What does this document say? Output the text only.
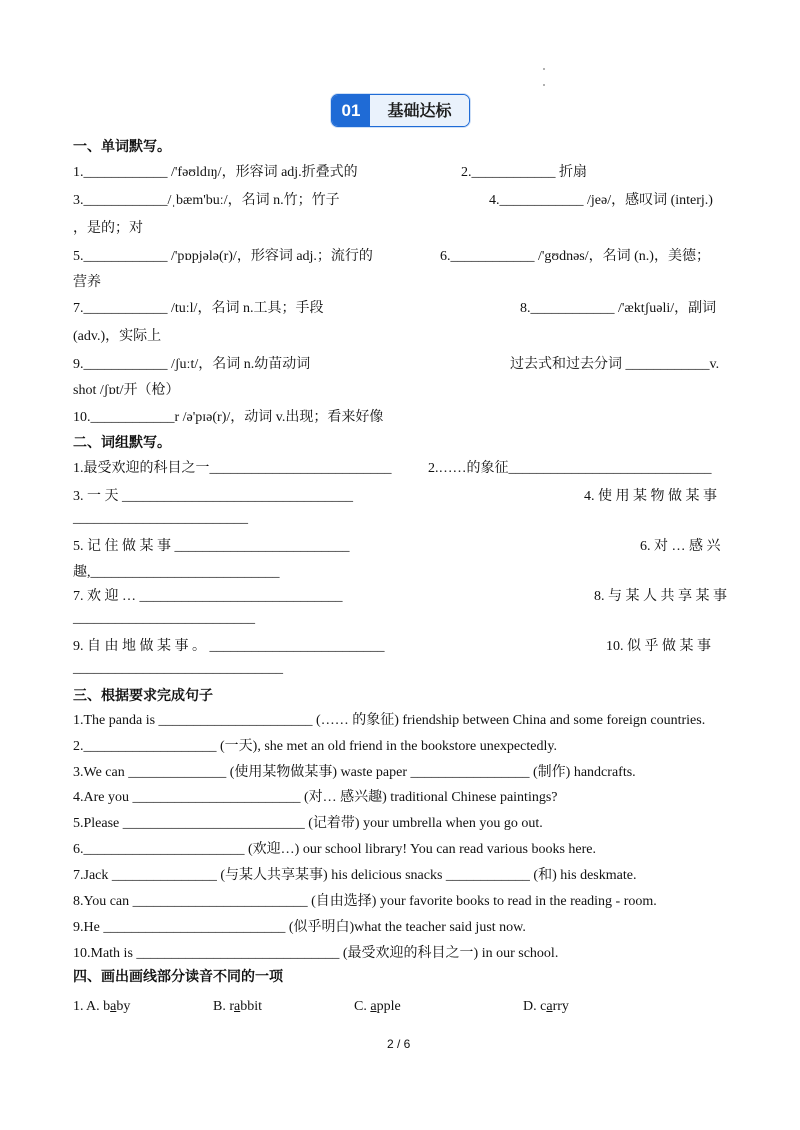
01	基础达标
一、单词默写。
1.____________ /'fəʊldɪŋ/，形容词 adj.折叠式的	2.____________ 折扇
3.____________/ˌbæm'buː/，名词 n.竹；竹子	4.____________ /jeə/，感叹词 (interj.)
，是的；对
5.____________ /'pɒpjələ(r)/，形容词 adj.；流行的	6.____________ /'gʊdnəs/，名词 (n.)，美德；
营养
7.____________ /tuːl/，名词 n.工具；手段	8.____________ /'æktʃuəli/，副词
(adv.)，实际上
9.____________ /ʃuːt/，名词 n.幼苗动词	过去式和过去分词 ____________v.
shot /ʃɒt/开（枪）
10.____________r /ə'pɪə(r)/，动词 v.出现；看来好像
二、词组默写。
1.最受欢迎的科目之一__________________________	2.……的象征_____________________________
3. 一 天 _________________________________	4. 使 用 某 物 做 某 事
_________________________
5. 记 住 做 某 事 _________________________	6. 对 … 感 兴
趣,___________________________
7. 欢 迎 … _____________________________	8. 与 某 人 共 享 某 事
__________________________
9. 自 由 地 做 某 事 。 _________________________	10. 似 乎 做 某 事
______________________________
三、根据要求完成句子
1.The panda is ______________________ (…… 的象征) friendship between China and some foreign countries.
2.___________________ (一天), she met an old friend in the bookstore unexpectedly.
3.We can ______________ (使用某物做某事) waste paper _________________ (制作) handcrafts.
4.Are you ________________________ (对… 感兴趣) traditional Chinese paintings?
5.Please __________________________ (记着带) your umbrella when you go out.
6._______________________ (欢迎…) our school library! You can read various books here.
7.Jack _______________ (与某人共享某事) his delicious snacks ____________ (和) his deskmate.
8.You can _________________________ (自由选择) your favorite books to read in the reading - room.
9.He __________________________ (似乎明白)what the teacher said just now.
10.Math is _____________________________ (最受欢迎的科目之一) in our school.
四、画出画线部分读音不同的一项
1. A. baby	B. rabbit	C. apple	D. carry
2 / 6
